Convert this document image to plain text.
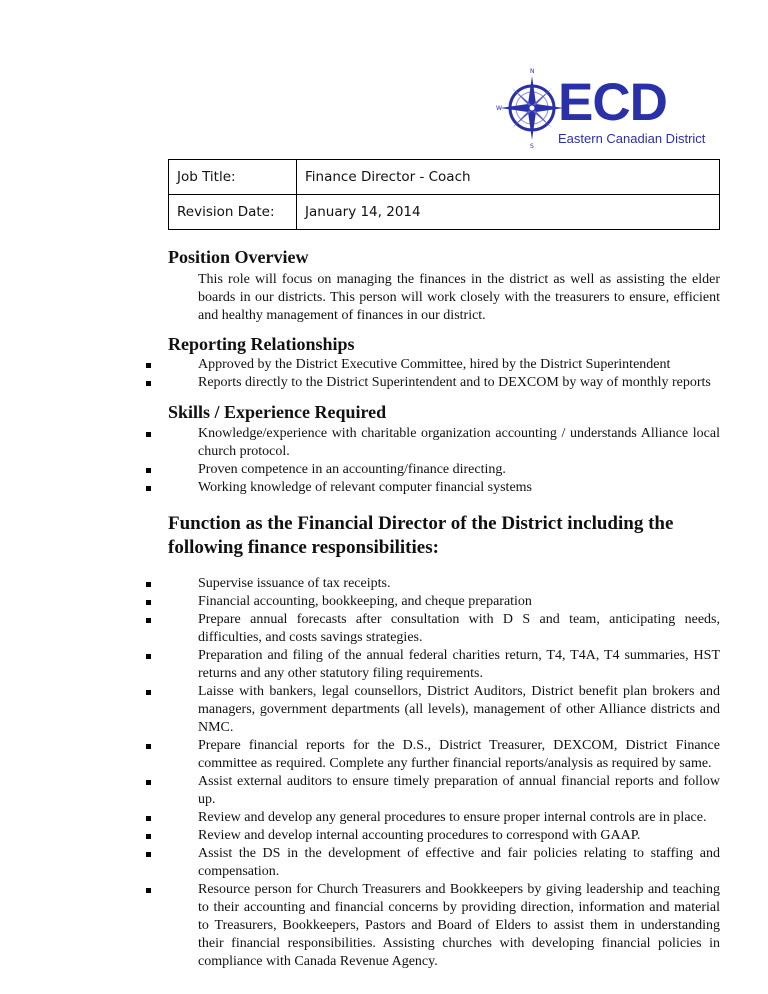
N
W
S
ECD
Eastern Canadian District
Job Title:	Finance Director - Coach
Revision Date:	January 14, 2014
Position Overview

This role will focus on managing the finances in the district as well as assisting the elder boards in our districts. This person will work closely with the treasurers to ensure, efficient and healthy management of finances in our district.

Reporting Relationships
Approved by the District Executive Committee, hired by the District Superintendent
Reports directly to the District Superintendent and to DEXCOM by way of monthly reports
Skills / Experience Required
Knowledge/experience with charitable organization accounting / understands Alliance local church protocol.
Proven competence in an accounting/finance directing.
Working knowledge of relevant computer financial systems
Function as the Financial Director of the District including the following finance responsibilities:
Supervise issuance of tax receipts.
Financial accounting, bookkeeping, and cheque preparation
Prepare annual forecasts after consultation with D S and team, anticipating needs, difficulties, and costs savings strategies.
Preparation and filing of the annual federal charities return, T4, T4A, T4 summaries, HST returns and any other statutory filing requirements.
Laisse with bankers, legal counsellors, District Auditors, District benefit plan brokers and managers, government departments (all levels), management of other Alliance districts and NMC.
Prepare financial reports for the D.S., District Treasurer, DEXCOM, District Finance committee as required. Complete any further financial reports/analysis as required by same.
Assist external auditors to ensure timely preparation of annual financial reports and follow up.
Review and develop any general procedures to ensure proper internal controls are in place.
Review and develop internal accounting procedures to correspond with GAAP.
Assist the DS in the development of effective and fair policies relating to staffing and compensation.
Resource person for Church Treasurers and Bookkeepers by giving leadership and teaching to their accounting and financial concerns by providing direction, information and material to Treasurers, Bookkeepers, Pastors and Board of Elders to assist them in understanding their financial responsibilities. Assisting churches with developing financial policies in compliance with Canada Revenue Agency.
